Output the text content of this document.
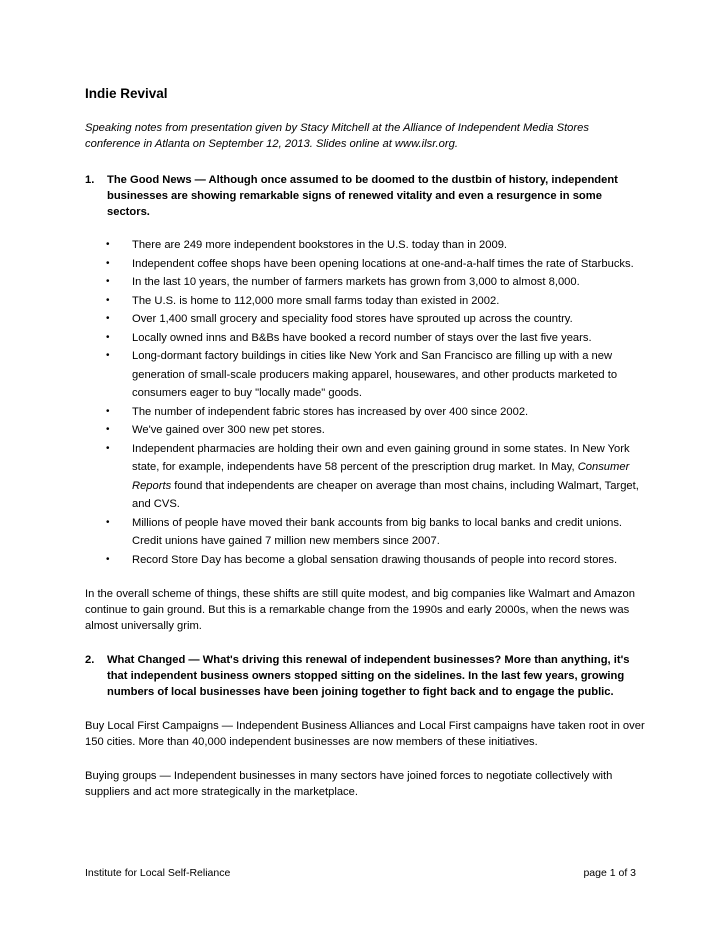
Indie Revival

Speaking notes from presentation given by Stacy Mitchell at the Alliance of Independent Media Stores conference in Atlanta on September 12, 2013. Slides online at www.ilsr.org.

1. The Good News — Although once assumed to be doomed to the dustbin of history, independent businesses are showing remarkable signs of renewed vitality and even a resurgence in some sectors.
• There are 249 more independent bookstores in the U.S. today than in 2009.
• Independent coffee shops have been opening locations at one-and-a-half times the rate of Starbucks.
• In the last 10 years, the number of farmers markets has grown from 3,000 to almost 8,000.
• The U.S. is home to 112,000 more small farms today than existed in 2002.
• Over 1,400 small grocery and speciality food stores have sprouted up across the country.
• Locally owned inns and B&Bs have booked a record number of stays over the last five years.
• Long-dormant factory buildings in cities like New York and San Francisco are filling up with a new generation of small-scale producers making apparel, housewares, and other products marketed to consumers eager to buy "locally made" goods.
• The number of independent fabric stores has increased by over 400 since 2002.
• We've gained over 300 new pet stores.
• Independent pharmacies are holding their own and even gaining ground in some states. In New York state, for example, independents have 58 percent of the prescription drug market. In May, Consumer Reports found that independents are cheaper on average than most chains, including Walmart, Target, and CVS.
• Millions of people have moved their bank accounts from big banks to local banks and credit unions. Credit unions have gained 7 million new members since 2007.
• Record Store Day has become a global sensation drawing thousands of people into record stores.

In the overall scheme of things, these shifts are still quite modest, and big companies like Walmart and Amazon continue to gain ground. But this is a remarkable change from the 1990s and early 2000s, when the news was almost universally grim.

2. What Changed — What's driving this renewal of independent businesses? More than anything, it's that independent business owners stopped sitting on the sidelines. In the last few years, growing numbers of local businesses have been joining together to fight back and to engage the public.

Buy Local First Campaigns — Independent Business Alliances and Local First campaigns have taken root in over 150 cities. More than 40,000 independent businesses are now members of these initiatives.

Buying groups — Independent businesses in many sectors have joined forces to negotiate collectively with suppliers and act more strategically in the marketplace.

Institute for Local Self-Reliance	page 1 of 3
